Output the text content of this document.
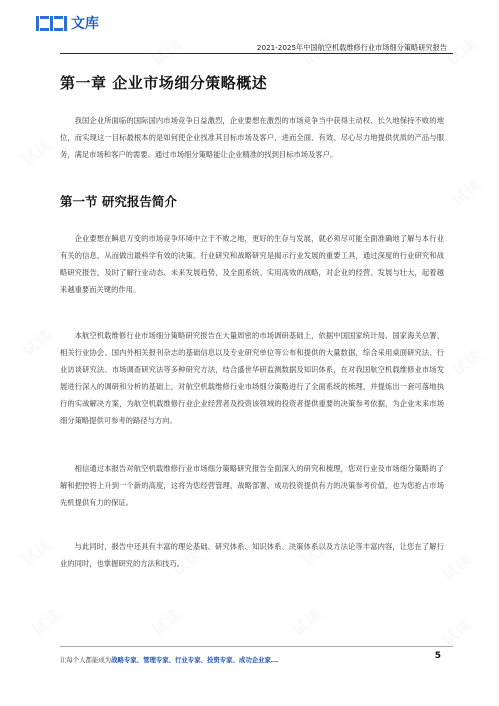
试读	试读	试读
试读
试读
试读
试读
试读	试读	试读	试读
试读	试读	试读	试读
文库
2021-2025年中国航空机载维修行业市场细分策略研究报告
第一章 企业市场细分策略概述

我国企业所面临的国际国内市场竞争日益激烈，企业要想在激烈的市场竞争当中获得主动权、长久地保持不败的地位，而实现这一目标最根本的是如何使企业找准其目标市场及客户，进而全面、有效、尽心尽力地提供优质的产品与服务，满足市场和客户的需要。通过市场细分策略能让企业精准的找到目标市场及客户。

第一节 研究报告简介

企业要想在瞬息万变的市场竞争环境中立于不败之地，更好的生存与发展，就必须尽可能全面准确地了解与本行业有关的信息，从而做出最科学有效的决策。行业研究和战略研究是揭示行业发展的重要工具，通过深度的行业研究和战略研究报告，及时了解行业动态、未来发展趋势，及全面系统、实用高效的战略，对企业的经营、发展与壮大，起着越来越重要而关键的作用。

本航空机载维修行业市场细分策略研究报告在大量周密的市场调研基础上，依据中国国家统计局、国家海关总署、相关行业协会、国内外相关报刊杂志的基础信息以及专业研究单位等公布和提供的大量数据，综合采用桌面研究法、行业访谈研究法、市场调查研究法等多种研究方法，结合盛世华研监测数据及知识体系，在对我国航空机载维修业市场发展进行深入的调研和分析的基础上，对航空机载维修行业市场细分策略进行了全面系统的梳理，并提炼出一套可落地执行的实战解决方案，为航空机载维修行业企业经营者及投资该领域的投资者提供重要的决策参考依据，为企业未来市场细分策略提供可参考的路径与方向。

相信通过本报告对航空机载维修行业市场细分策略研究报告全面深入的研究和梳理，您对行业及市场细分策略的了解和把控将上升到一个新的高度，这将为您经营管理、战略部署、成功投资提供有力的决策参考价值，也为您抢占市场先机提供有力的保证。

与此同时，报告中还具有丰富的理论基础、研究体系、知识体系、决策体系以及方法论等丰富内容，让您在了解行业的同时，也掌握研究的方法和技巧。

让每个人都能成为战略专家、管理专家、行业专家、投资专家、成功企业家……	5
